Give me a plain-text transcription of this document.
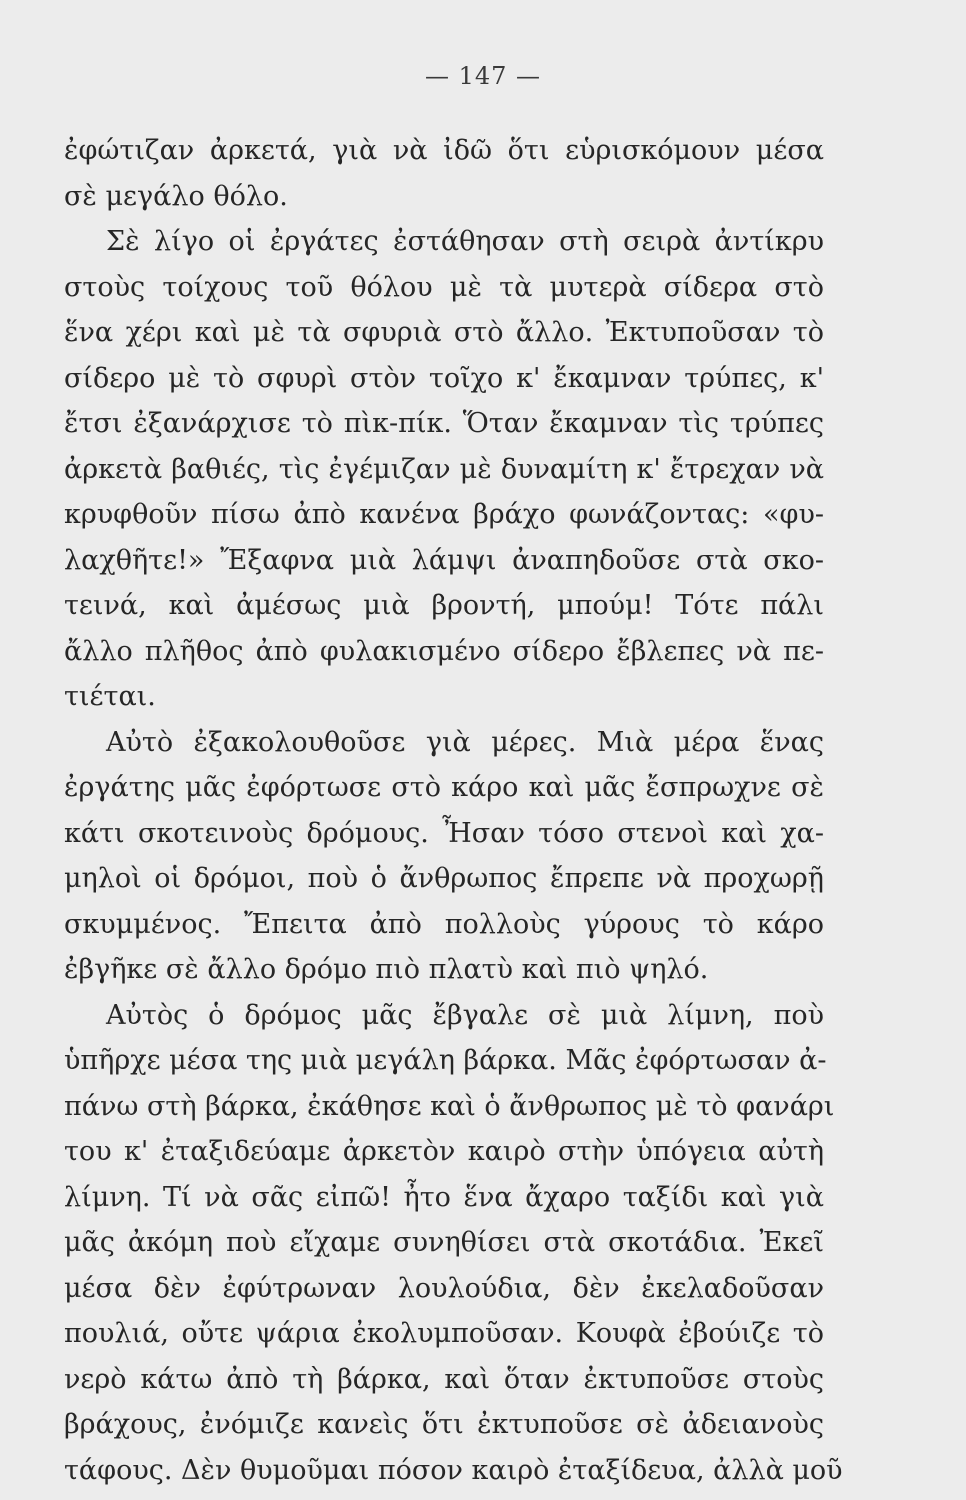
— 147 —
ἐφώτιζαν ἀρκετά, γιὰ νὰ ἰδῶ ὅτι εὑρισκόμουν μέσα
σὲ μεγάλο θόλο.
Σὲ λίγο οἱ ἐργάτες ἐστάθησαν στὴ σειρὰ ἀντίκρυ
στοὺς τοίχους τοῦ θόλου μὲ τὰ μυτερὰ σίδερα στὸ
ἕνα χέρι καὶ μὲ τὰ σφυριὰ στὸ ἄλλο. Ἐκτυποῦσαν τὸ
σίδερο μὲ τὸ σφυρὶ στὸν τοῖχο κ' ἔκαμναν τρύπες, κ'
ἔτσι ἐξανάρχισε τὸ πὶκ-πίκ. Ὅταν ἔκαμναν τὶς τρύπες
ἀρκετὰ βαθιές, τὶς ἐγέμιζαν μὲ δυναμίτη κ' ἔτρεχαν νὰ
κρυφθοῦν πίσω ἀπὸ κανένα βράχο φωνάζοντας: «φυ-
λαχθῆτε!» Ἔξαφνα μιὰ λάμψι ἀναπηδοῦσε στὰ σκο-
τεινά, καὶ ἀμέσως μιὰ βροντή, μπούμ! Τότε πάλι
ἄλλο πλῆθος ἀπὸ φυλακισμένο σίδερο ἔβλεπες νὰ πε-
τιέται.
Αὐτὸ ἐξακολουθοῦσε γιὰ μέρες. Μιὰ μέρα ἕνας
ἐργάτης μᾶς ἐφόρτωσε στὸ κάρο καὶ μᾶς ἔσπρωχνε σὲ
κάτι σκοτεινοὺς δρόμους. Ἦσαν τόσο στενοὶ καὶ χα-
μηλοὶ οἱ δρόμοι, ποὺ ὁ ἄνθρωπος ἔπρεπε νὰ προχωρῇ
σκυμμένος. Ἔπειτα ἀπὸ πολλοὺς γύρους τὸ κάρο
ἐβγῆκε σὲ ἄλλο δρόμο πιὸ πλατὺ καὶ πιὸ ψηλό.
Αὐτὸς ὁ δρόμος μᾶς ἔβγαλε σὲ μιὰ λίμνη, ποὺ
ὑπῆρχε μέσα της μιὰ μεγάλη βάρκα. Μᾶς ἐφόρτωσαν ἀ-
πάνω στὴ βάρκα, ἐκάθησε καὶ ὁ ἄνθρωπος μὲ τὸ φανάρι
του κ' ἐταξιδεύαμε ἀρκετὸν καιρὸ στὴν ὑπόγεια αὐτὴ
λίμνη. Τί νὰ σᾶς εἰπῶ! ἦτο ἕνα ἄχαρο ταξίδι καὶ γιὰ
μᾶς ἀκόμη ποὺ εἴχαμε συνηθίσει στὰ σκοτάδια. Ἐκεῖ
μέσα δὲν ἐφύτρωναν λουλούδια, δὲν ἐκελαδοῦσαν
πουλιά, οὔτε ψάρια ἐκολυμποῦσαν. Κουφὰ ἐβούιζε τὸ
νερὸ κάτω ἀπὸ τὴ βάρκα, καὶ ὅταν ἐκτυποῦσε στοὺς
βράχους, ἐνόμιζε κανεὶς ὅτι ἐκτυποῦσε σὲ ἀδειανοὺς
τάφους. Δὲν θυμοῦμαι πόσον καιρὸ ἐταξίδευα, ἀλλὰ μοῦ
